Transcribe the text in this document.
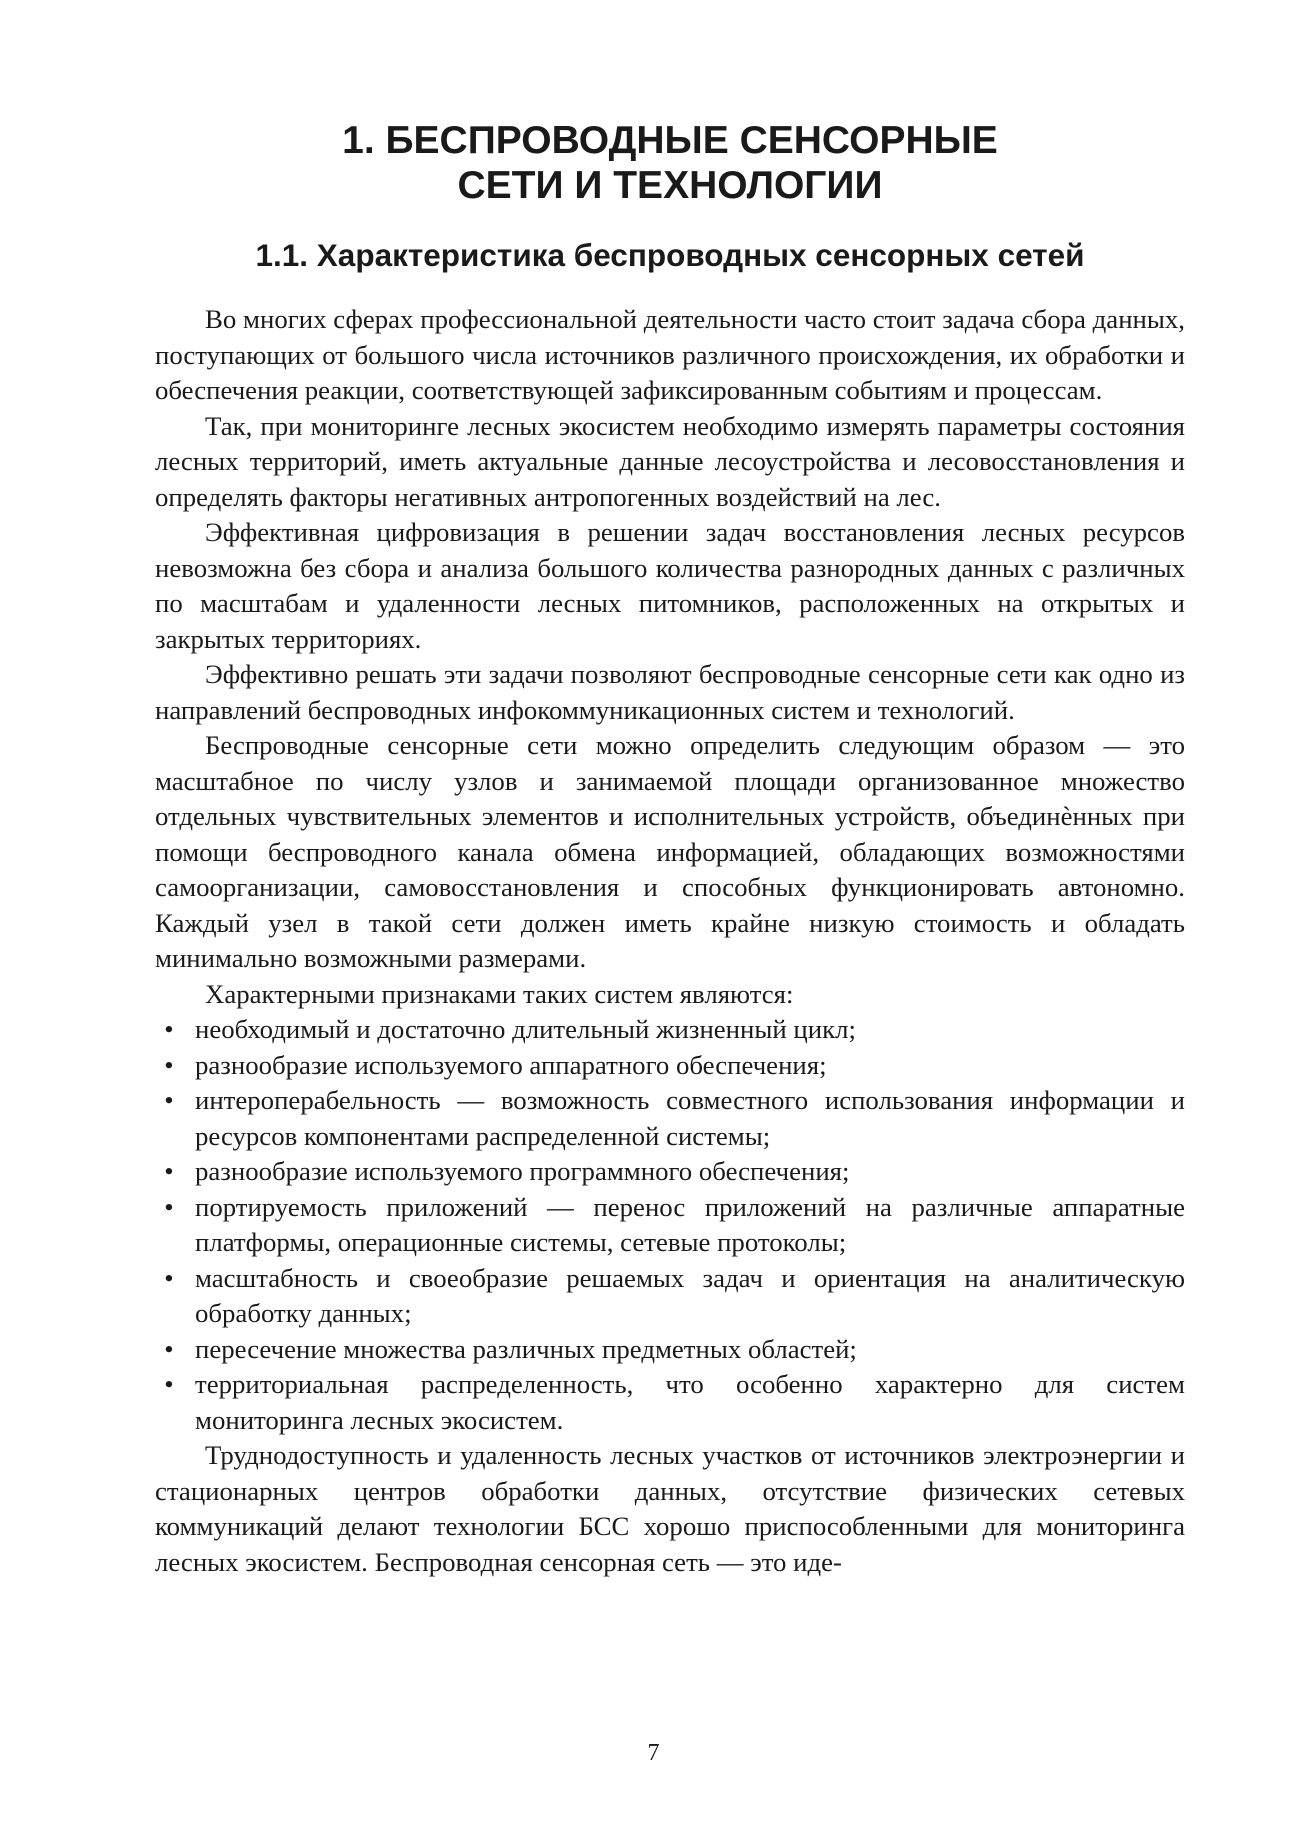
1. БЕСПРОВОДНЫЕ СЕНСОРНЫЕ
СЕТИ И ТЕХНОЛОГИИ
1.1. Характеристика беспроводных сенсорных сетей

Во многих сферах профессиональной деятельности часто стоит задача сбора данных, поступающих от большого числа источников различного происхождения, их обработки и обеспечения реакции, соответствующей зафиксированным событиям и процессам.

Так, при мониторинге лесных экосистем необходимо измерять параметры состояния лесных территорий, иметь актуальные данные лесоустройства и лесовосстановления и определять факторы негативных антропогенных воздействий на лес.

Эффективная цифровизация в решении задач восстановления лесных ресурсов невозможна без сбора и анализа большого количества разнородных данных с различных по масштабам и удаленности лесных питомников, расположенных на открытых и закрытых территориях.

Эффективно решать эти задачи позволяют беспроводные сенсорные сети как одно из направлений беспроводных инфокоммуникационных систем и технологий.

Беспроводные сенсорные сети можно определить следующим образом — это масштабное по числу узлов и занимаемой площади организованное множество отдельных чувствительных элементов и исполнительных устройств, объединѐнных при помощи беспроводного канала обмена информацией, обладающих возможностями самоорганизации, самовосстановления и способных функционировать автономно. Каждый узел в такой сети должен иметь крайне низкую стоимость и обладать минимально возможными размерами.

Характерными признаками таких систем являются:

• необходимый и достаточно длительный жизненный цикл;
• разнообразие используемого аппаратного обеспечения;
• интероперабельность — возможность совместного использования информации и ресурсов компонентами распределенной системы;
• разнообразие используемого программного обеспечения;
• портируемость приложений — перенос приложений на различные аппаратные платформы, операционные системы, сетевые протоколы;
• масштабность и своеобразие решаемых задач и ориентация на аналитическую обработку данных;
• пересечение множества различных предметных областей;
• территориальная распределенность, что особенно характерно для систем мониторинга лесных экосистем.

Труднодоступность и удаленность лесных участков от источников электроэнергии и стационарных центров обработки данных, отсутствие физических сетевых коммуникаций делают технологии БСС хорошо приспособленными для мониторинга лесных экосистем. Беспроводная сенсорная сеть — это иде-

7
